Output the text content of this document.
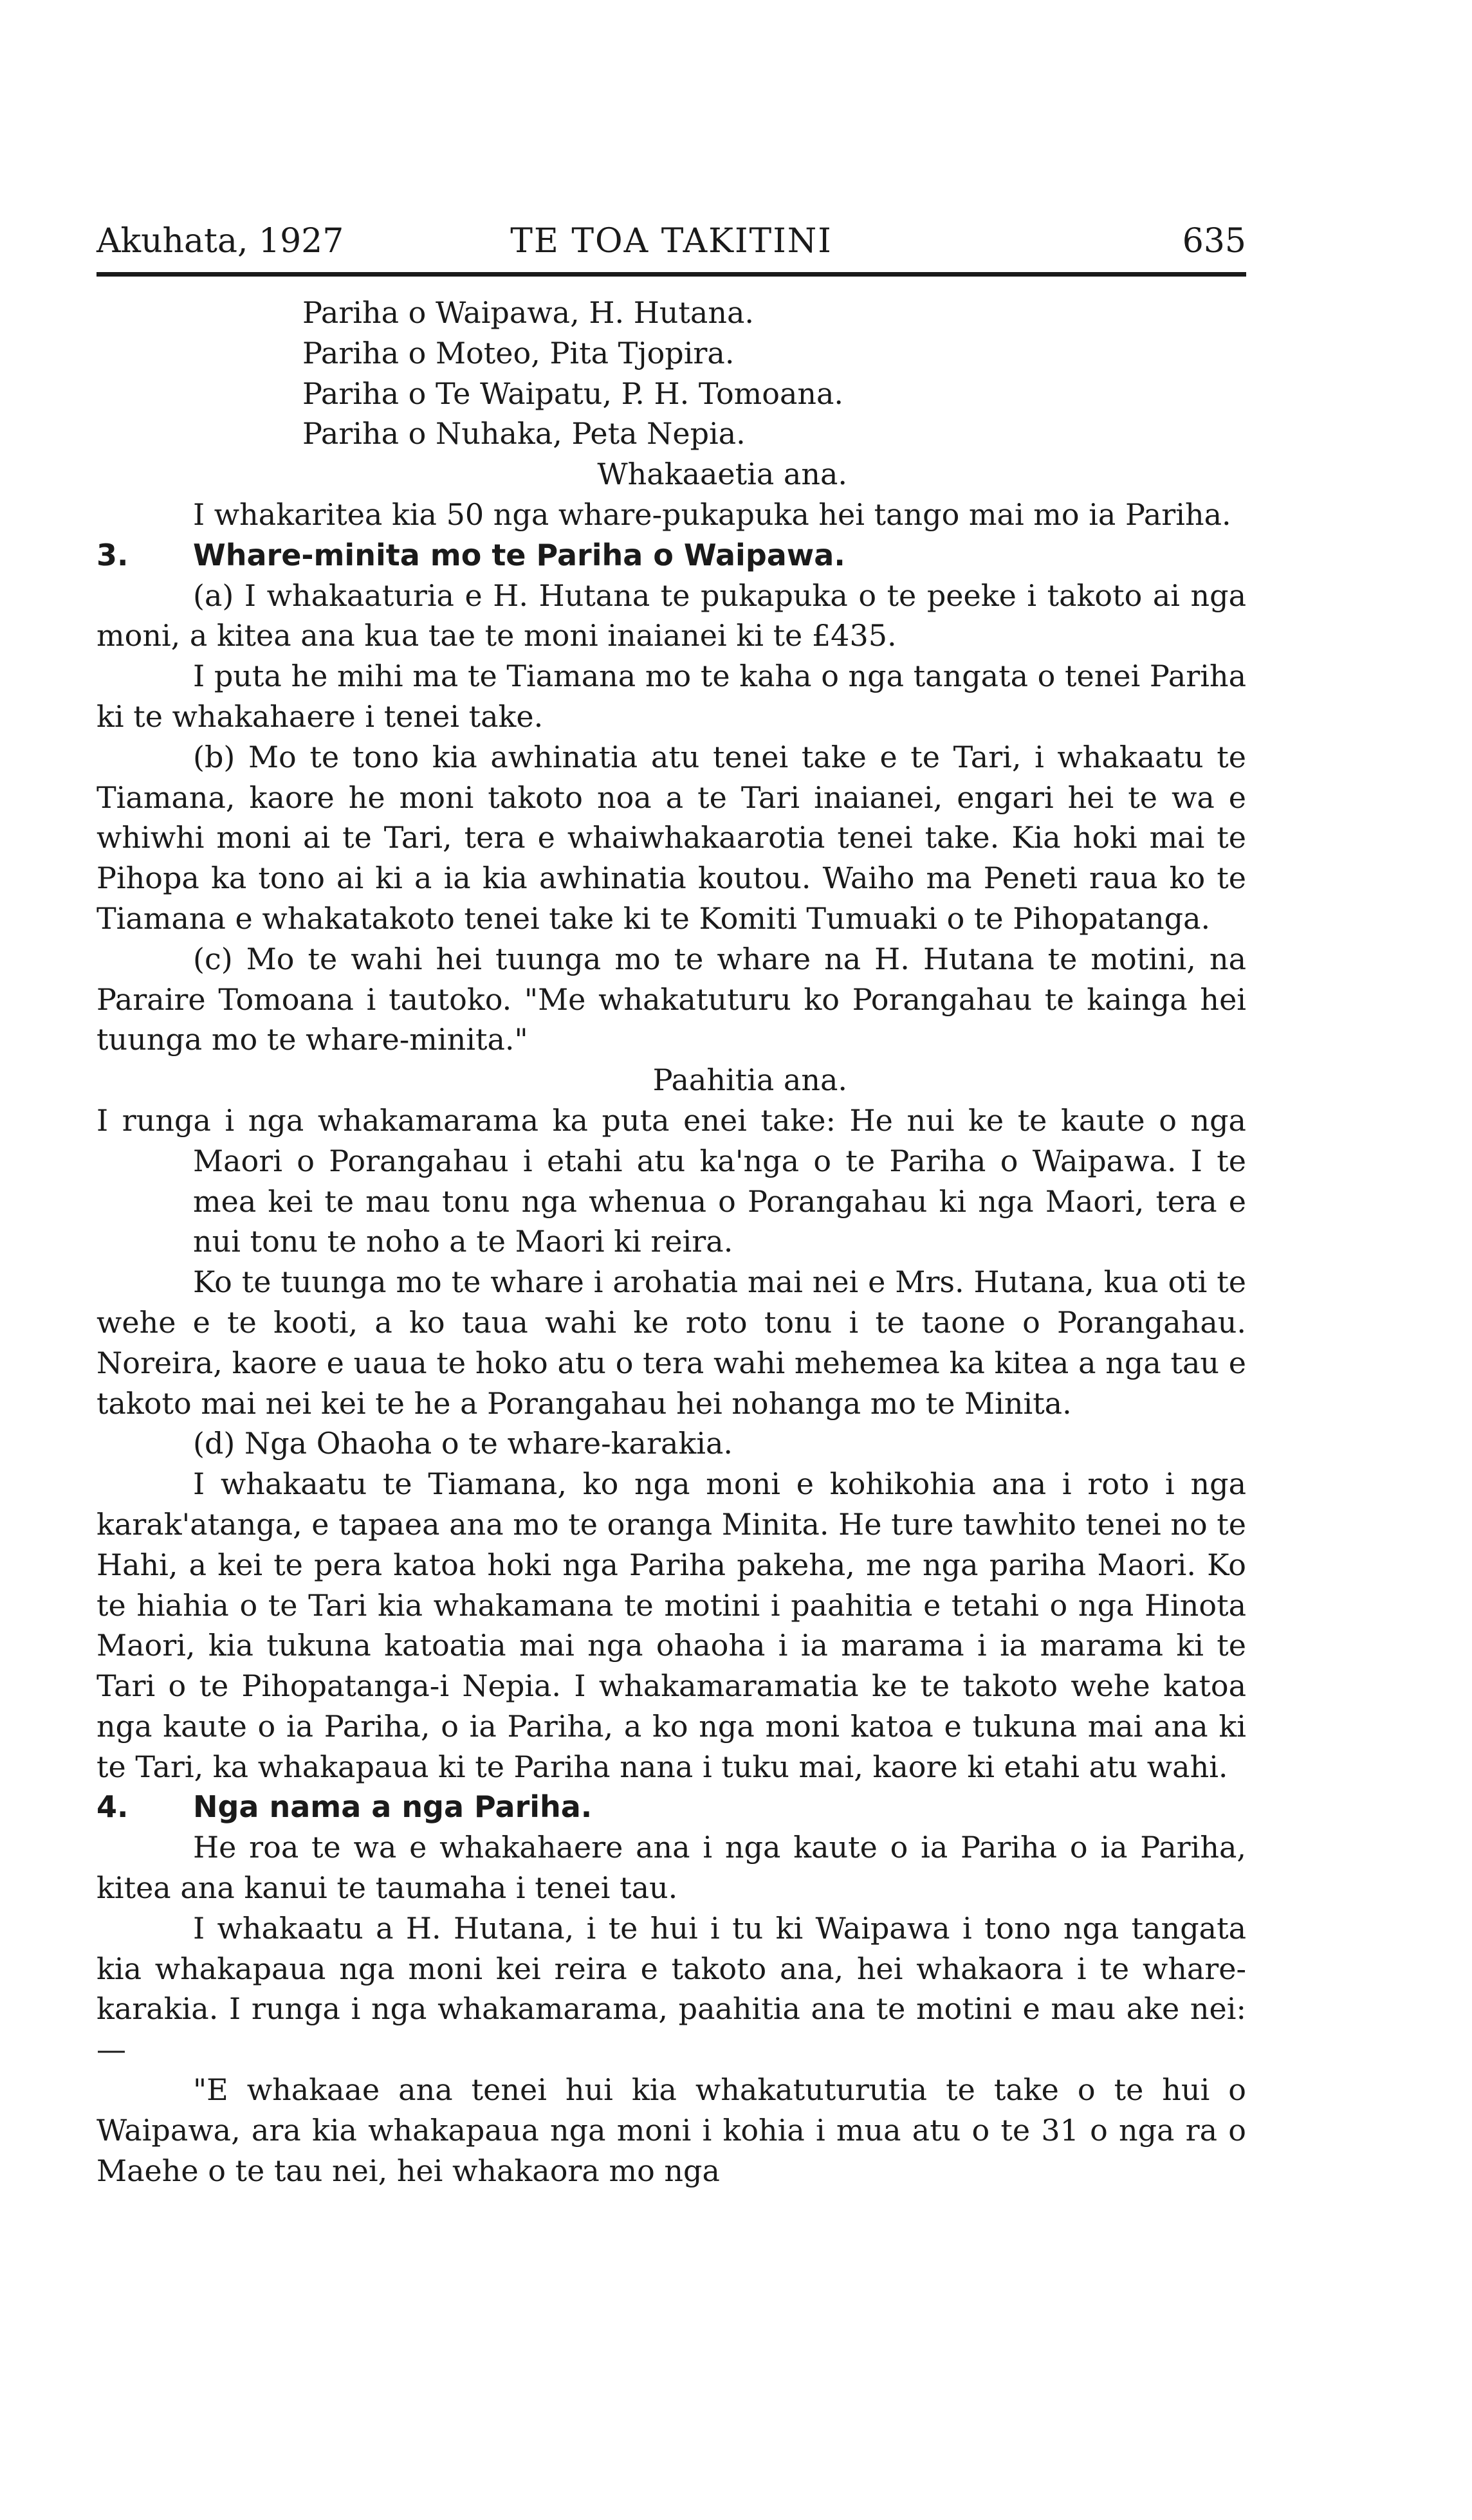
Akuhata, 1927	TE TOA TAKITINI	635

Pariha o Waipawa, H. Hutana.

Pariha o Moteo, Pita Tjopira.

Pariha o Te Waipatu, P. H. Tomoana.

Pariha o Nuhaka, Peta Nepia.

Whakaaetia ana.

I whakaritea kia 50 nga whare-pukapuka hei tango mai mo ia Pariha.

3. Whare-minita mo te Pariha o Waipawa.

(a) I whakaaturia e H. Hutana te pukapuka o te peeke i takoto ai nga moni, a kitea ana kua tae te moni inaianei ki te £435.

I puta he mihi ma te Tiamana mo te kaha o nga tangata o tenei Pariha ki te whakahaere i tenei take.

(b) Mo te tono kia awhinatia atu tenei take e te Tari, i whakaatu te Tiamana, kaore he moni takoto noa a te Tari inaianei, engari hei te wa e whiwhi moni ai te Tari, tera e whaiwhakaarotia tenei take. Kia hoki mai te Pihopa ka tono ai ki a ia kia awhinatia koutou. Waiho ma Peneti raua ko te Tiamana e whakatakoto tenei take ki te Komiti Tumuaki o te Pihopatanga.

(c) Mo te wahi hei tuunga mo te whare na H. Hutana te motini, na Paraire Tomoana i tautoko. "Me whakatuturu ko Porangahau te kainga hei tuunga mo te whare-minita."

Paahitia ana.

I runga i nga whakamarama ka puta enei take: He nui ke te kaute o nga Maori o Porangahau i etahi atu ka'nga o te Pariha o Waipawa. I te mea kei te mau tonu nga whenua o Porangahau ki nga Maori, tera e nui tonu te noho a te Maori ki reira.

Ko te tuunga mo te whare i arohatia mai nei e Mrs. Hutana, kua oti te wehe e te kooti, a ko taua wahi ke roto tonu i te taone o Porangahau. Noreira, kaore e uaua te hoko atu o tera wahi mehemea ka kitea a nga tau e takoto mai nei kei te he a Porangahau hei nohanga mo te Minita.

(d) Nga Ohaoha o te whare-karakia.

I whakaatu te Tiamana, ko nga moni e kohikohia ana i roto i nga karak'atanga, e tapaea ana mo te oranga Minita. He ture tawhito tenei no te Hahi, a kei te pera katoa hoki nga Pariha pakeha, me nga pariha Maori. Ko te hiahia o te Tari kia whakamana te motini i paahitia e tetahi o nga Hinota Maori, kia tukuna katoatia mai nga ohaoha i ia marama i ia marama ki te Tari o te Pihopatanga-i Nepia. I whakamaramatia ke te takoto wehe katoa nga kaute o ia Pariha, o ia Pariha, a ko nga moni katoa e tukuna mai ana ki te Tari, ka whakapaua ki te Pariha nana i tuku mai, kaore ki etahi atu wahi.

4. Nga nama a nga Pariha.

He roa te wa e whakahaere ana i nga kaute o ia Pariha o ia Pariha, kitea ana kanui te taumaha i tenei tau.

I whakaatu a H. Hutana, i te hui i tu ki Waipawa i tono nga tangata kia whakapaua nga moni kei reira e takoto ana, hei whakaora i te whare-karakia. I runga i nga whakamarama, paahitia ana te motini e mau ake nei:—

"E whakaae ana tenei hui kia whakatuturutia te take o te hui o Waipawa, ara kia whakapaua nga moni i kohia i mua atu o te 31 o nga ra o Maehe o te tau nei, hei whakaora mo nga
